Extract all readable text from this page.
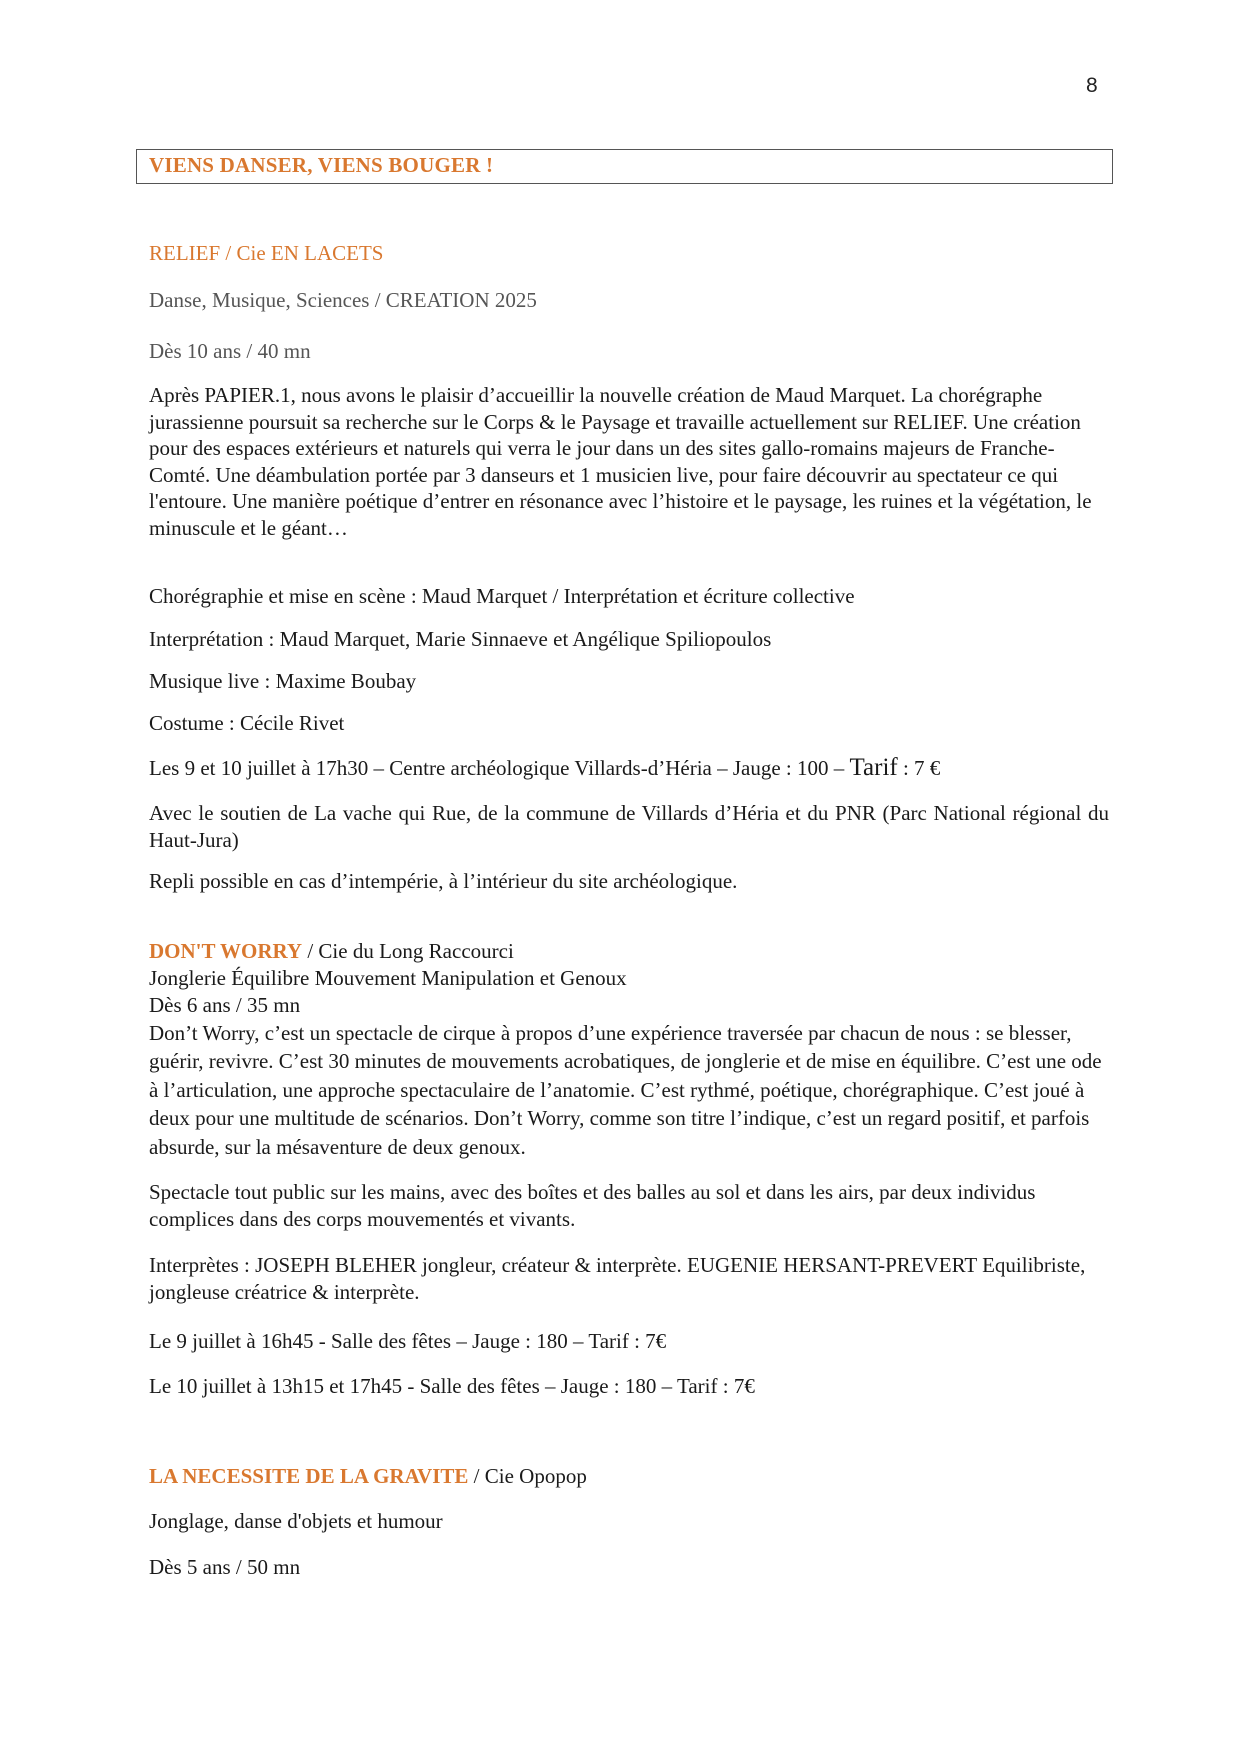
8
VIENS DANSER, VIENS BOUGER !
RELIEF / Cie EN LACETS
Danse, Musique, Sciences / CREATION 2025
Dès 10 ans / 40 mn
Après PAPIER.1, nous avons le plaisir d’accueillir la nouvelle création de Maud Marquet. La chorégraphe jurassienne poursuit sa recherche sur le Corps & le Paysage et travaille actuellement sur RELIEF. Une création pour des espaces extérieurs et naturels qui verra le jour dans un des sites gallo-romains majeurs de Franche-Comté. Une déambulation portée par 3 danseurs et 1 musicien live, pour faire découvrir au spectateur ce qui l'entoure. Une manière poétique d’entrer en résonance avec l’histoire et le paysage, les ruines et la végétation, le minuscule et le géant…
Chorégraphie et mise en scène : Maud Marquet / Interprétation et écriture collective
Interprétation : Maud Marquet, Marie Sinnaeve et Angélique Spiliopoulos
Musique live : Maxime Boubay
Costume : Cécile Rivet
Les 9 et 10 juillet à 17h30 – Centre archéologique Villards-d’Héria – Jauge : 100 – Tarif : 7 €
Avec le soutien de La vache qui Rue, de la commune de Villards d’Héria et du PNR (Parc National régional du Haut-Jura)
Repli possible en cas d’intempérie, à l’intérieur du site archéologique.
DON'T WORRY / Cie du Long Raccourci
Jonglerie Équilibre Mouvement Manipulation et Genoux
Dès 6 ans / 35 mn
Don’t Worry, c’est un spectacle de cirque à propos d’une expérience traversée par chacun de nous : se blesser, guérir, revivre. C’est 30 minutes de mouvements acrobatiques, de jonglerie et de mise en équilibre. C’est une ode à l’articulation, une approche spectaculaire de l’anatomie. C’est rythmé, poétique, chorégraphique. C’est joué à deux pour une multitude de scénarios. Don’t Worry, comme son titre l’indique, c’est un regard positif, et parfois absurde, sur la mésaventure de deux genoux.
Spectacle tout public sur les mains, avec des boîtes et des balles au sol et dans les airs, par deux individus complices dans des corps mouvementés et vivants.
Interprètes : JOSEPH BLEHER jongleur, créateur & interprète. EUGENIE HERSANT-PREVERT Equilibriste, jongleuse créatrice & interprète.
Le 9 juillet à 16h45 - Salle des fêtes – Jauge : 180 – Tarif : 7€
Le 10 juillet à 13h15 et 17h45 - Salle des fêtes – Jauge : 180 – Tarif : 7€
LA NECESSITE DE LA GRAVITE / Cie Opopop
Jonglage, danse d'objets et humour
Dès 5 ans / 50 mn
